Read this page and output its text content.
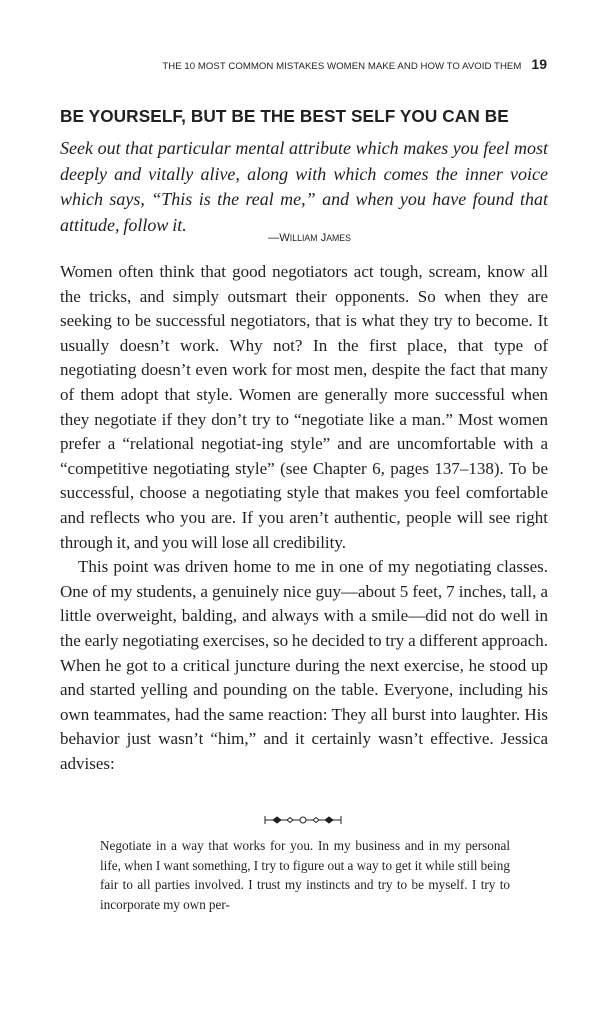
THE 10 MOST COMMON MISTAKES WOMEN MAKE AND HOW TO AVOID THEM 19
BE YOURSELF, BUT BE THE BEST SELF YOU CAN BE

Seek out that particular mental attribute which makes you feel most deeply and vitally alive, along with which comes the inner voice which says, “This is the real me,” and when you have found that attitude, follow it.

—WILLIAM JAMES

Women often think that good negotiators act tough, scream, know all the tricks, and simply outsmart their opponents. So when they are seeking to be successful negotiators, that is what they try to become. It usually doesn’t work. Why not? In the first place, that type of negotiating doesn’t even work for most men, despite the fact that many of them adopt that style. Women are generally more successful when they negotiate if they don’t try to “negotiate like a man.” Most women prefer a “relational negotiat-ing style” and are uncomfortable with a “competitive negotiating style” (see Chapter 6, pages 137–138). To be successful, choose a negotiating style that makes you feel comfortable and reflects who you are. If you aren’t authentic, people will see right through it, and you will lose all credibility.

This point was driven home to me in one of my negotiating classes. One of my students, a genuinely nice guy—about 5 feet, 7 inches, tall, a little overweight, balding, and always with a smile—did not do well in the early negotiating exercises, so he decided to try a different approach. When he got to a critical juncture during the next exercise, he stood up and started yelling and pounding on the table. Everyone, including his own teammates, had the same reaction: They all burst into laughter. His behavior just wasn’t “him,” and it certainly wasn’t effective. Jessica advises:

Negotiate in a way that works for you. In my business and in my personal life, when I want something, I try to figure out a way to get it while still being fair to all parties involved. I trust my instincts and try to be myself. I try to incorporate my own per-
